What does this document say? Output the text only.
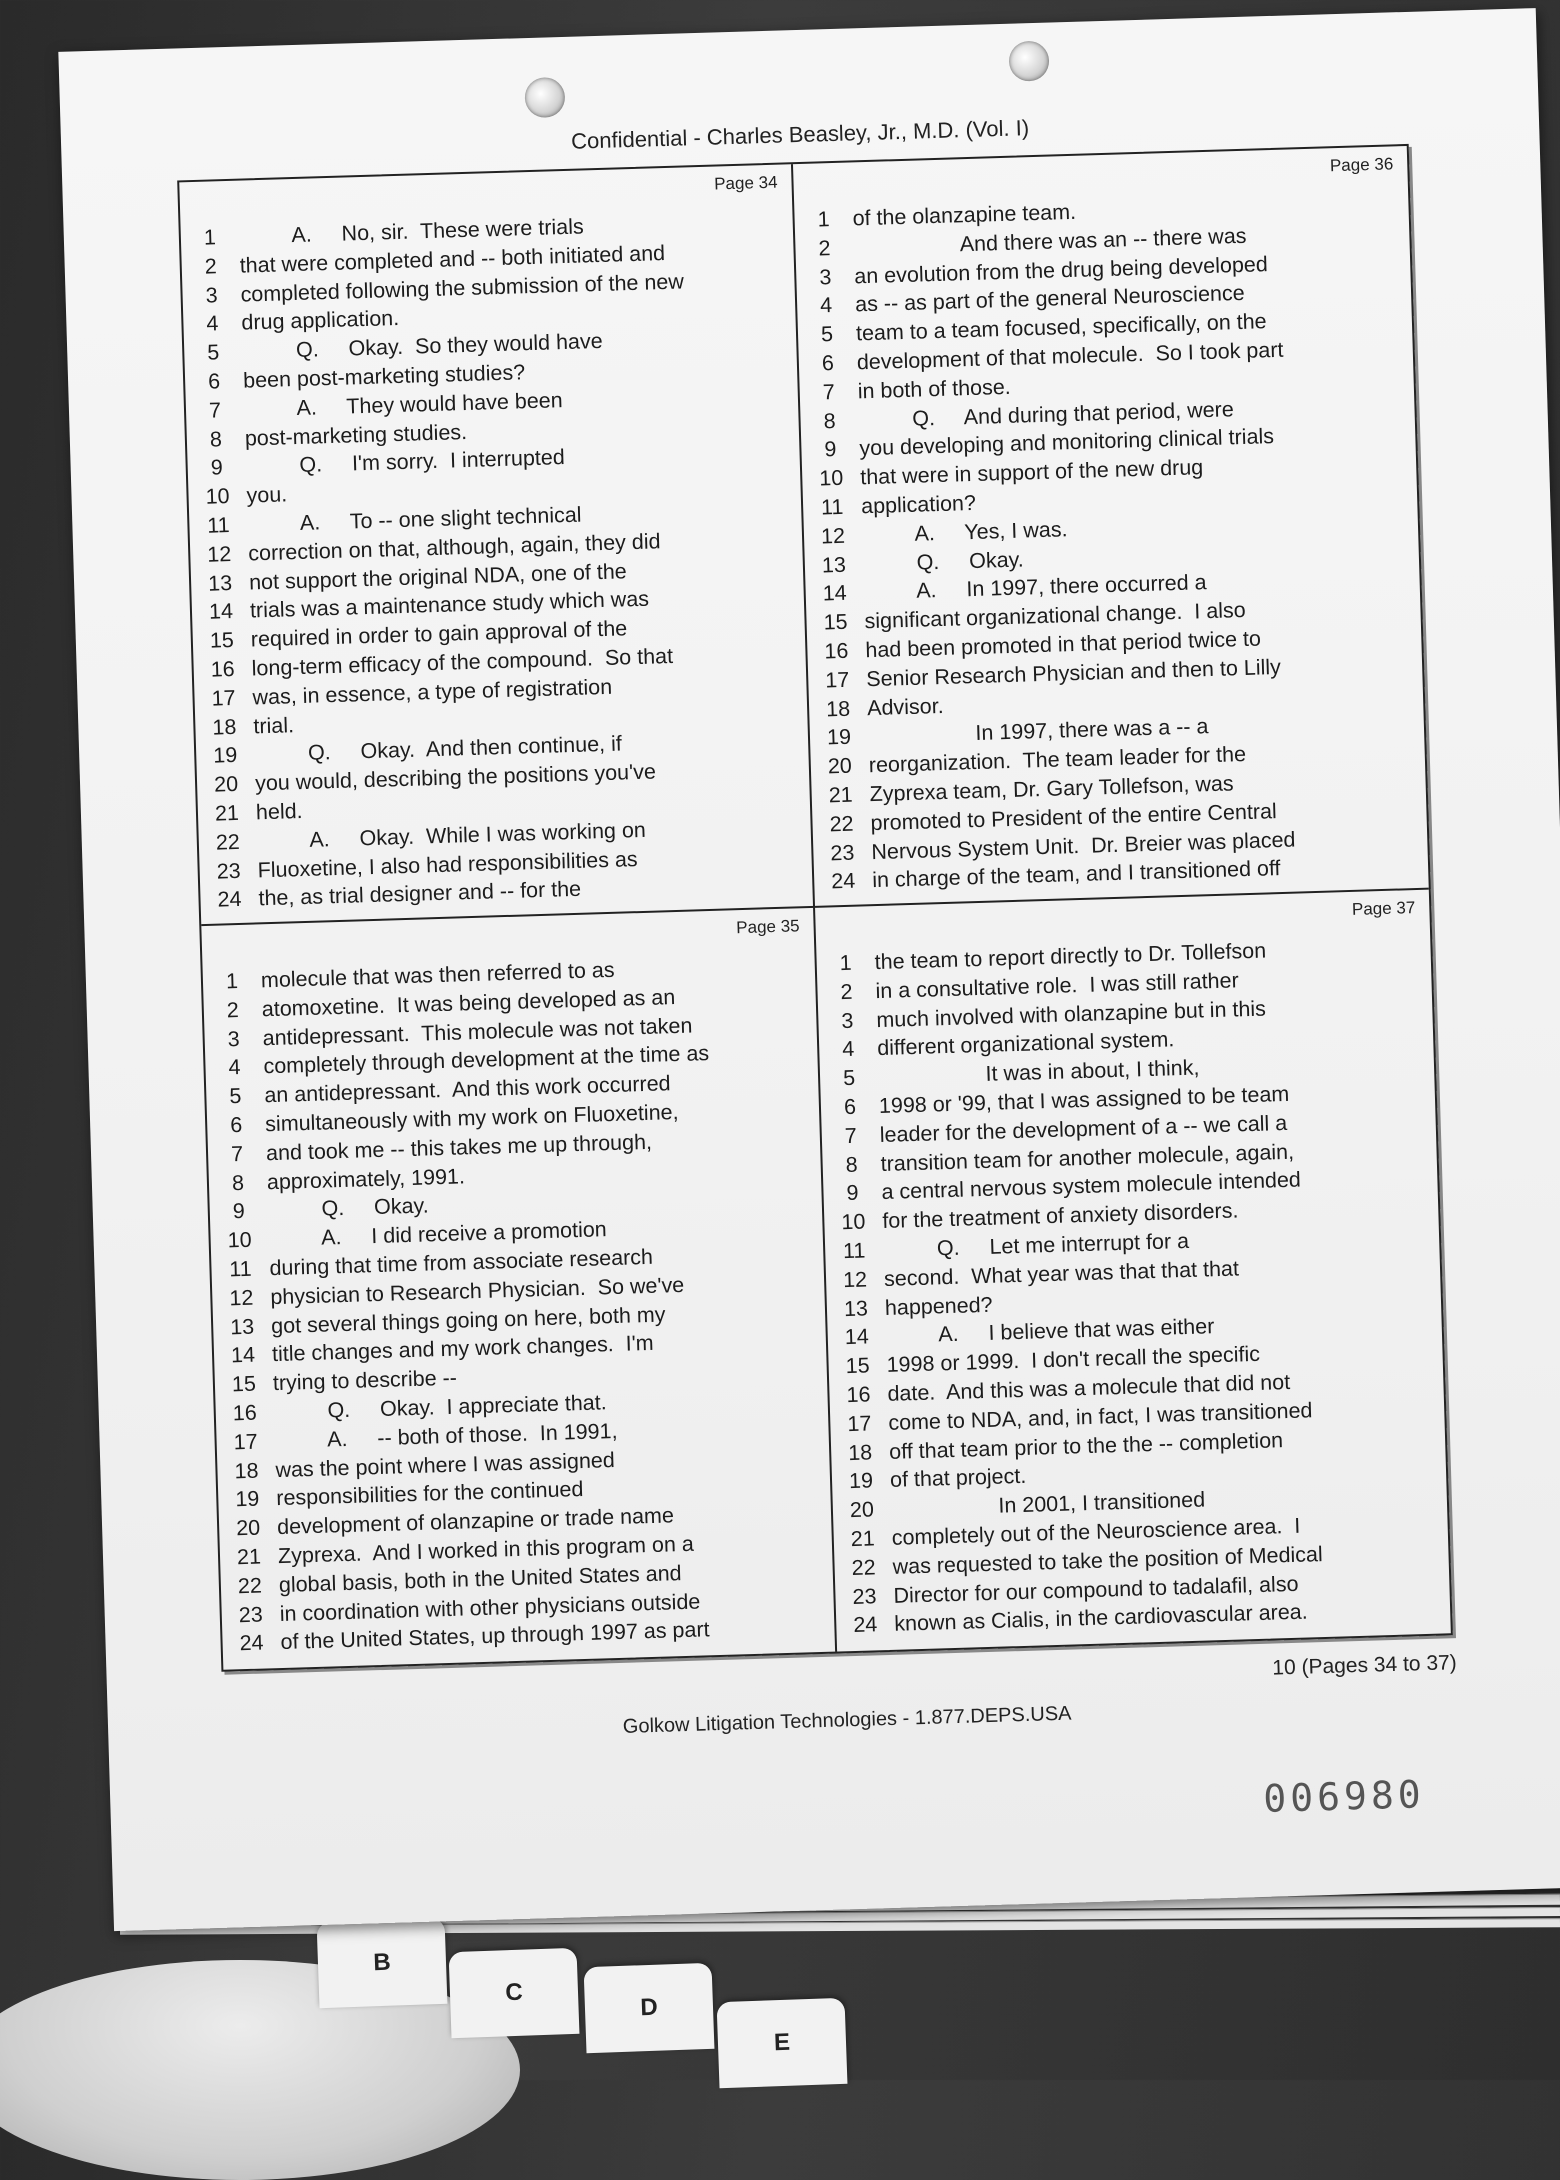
B
C
D
E
Confidential - Charles Beasley, Jr., M.D. (Vol. I)
Page 34
1	A.     No, sir.  These were trials
2	that were completed and -- both initiated and
3	completed following the submission of the new
4	drug application.
5	Q.     Okay.  So they would have
6	been post-marketing studies?
7	A.     They would have been
8	post-marketing studies.
9	Q.     I'm sorry.  I interrupted
10 you.
11 A.     To -- one slight technical
12 correction on that, although, again, they did
13 not support the original NDA, one of the
14 trials was a maintenance study which was
15 required in order to gain approval of the
16 long-term efficacy of the compound.  So that
17 was, in essence, a type of registration
18 trial.
19 Q.     Okay.  And then continue, if
20 you would, describing the positions you've
21 held.
22 A.     Okay.  While I was working on
23 Fluoxetine, I also had responsibilities as
24 the, as trial designer and -- for the
Page 36
1	of the olanzapine team.
2	And there was an -- there was
3	an evolution from the drug being developed
4	as -- as part of the general Neuroscience
5	team to a team focused, specifically, on the
6	development of that molecule.  So I took part
7	in both of those.
8	Q.     And during that period, were
9	you developing and monitoring clinical trials
10 that were in support of the new drug
11 application?
12 A.     Yes, I was.
13 Q.     Okay.
14 A.     In 1997, there occurred a
15 significant organizational change.  I also
16 had been promoted in that period twice to
17 Senior Research Physician and then to Lilly
18 Advisor.
19 In 1997, there was a -- a
20 reorganization.  The team leader for the
21 Zyprexa team, Dr. Gary Tollefson, was
22 promoted to President of the entire Central
23 Nervous System Unit.  Dr. Breier was placed
24 in charge of the team, and I transitioned off
Page 35
1	molecule that was then referred to as
2	atomoxetine.  It was being developed as an
3	antidepressant.  This molecule was not taken
4	completely through development at the time as
5	an antidepressant.  And this work occurred
6	simultaneously with my work on Fluoxetine,
7	and took me -- this takes me up through,
8	approximately, 1991.
9	Q.     Okay.
10 A.     I did receive a promotion
11 during that time from associate research
12 physician to Research Physician.  So we've
13 got several things going on here, both my
14 title changes and my work changes.  I'm
15 trying to describe --
16 Q.     Okay.  I appreciate that.
17 A.     -- both of those.  In 1991,
18 was the point where I was assigned
19 responsibilities for the continued
20 development of olanzapine or trade name
21 Zyprexa.  And I worked in this program on a
22 global basis, both in the United States and
23 in coordination with other physicians outside
24 of the United States, up through 1997 as part
Page 37
1	the team to report directly to Dr. Tollefson
2	in a consultative role.  I was still rather
3	much involved with olanzapine but in this
4	different organizational system.
5	It was in about, I think,
6	1998 or '99, that I was assigned to be team
7	leader for the development of a -- we call a
8	transition team for another molecule, again,
9	a central nervous system molecule intended
10 for the treatment of anxiety disorders.
11 Q.     Let me interrupt for a
12 second.  What year was that that that
13 happened?
14 A.     I believe that was either
15 1998 or 1999.  I don't recall the specific
16 date.  And this was a molecule that did not
17 come to NDA, and, in fact, I was transitioned
18 off that team prior to the the -- completion
19 of that project.
20 In 2001, I transitioned
21 completely out of the Neuroscience area.  I
22 was requested to take the position of Medical
23 Director for our compound to tadalafil, also
24 known as Cialis, in the cardiovascular area.
10 (Pages 34 to 37)
Golkow Litigation Technologies - 1.877.DEPS.USA
006980
